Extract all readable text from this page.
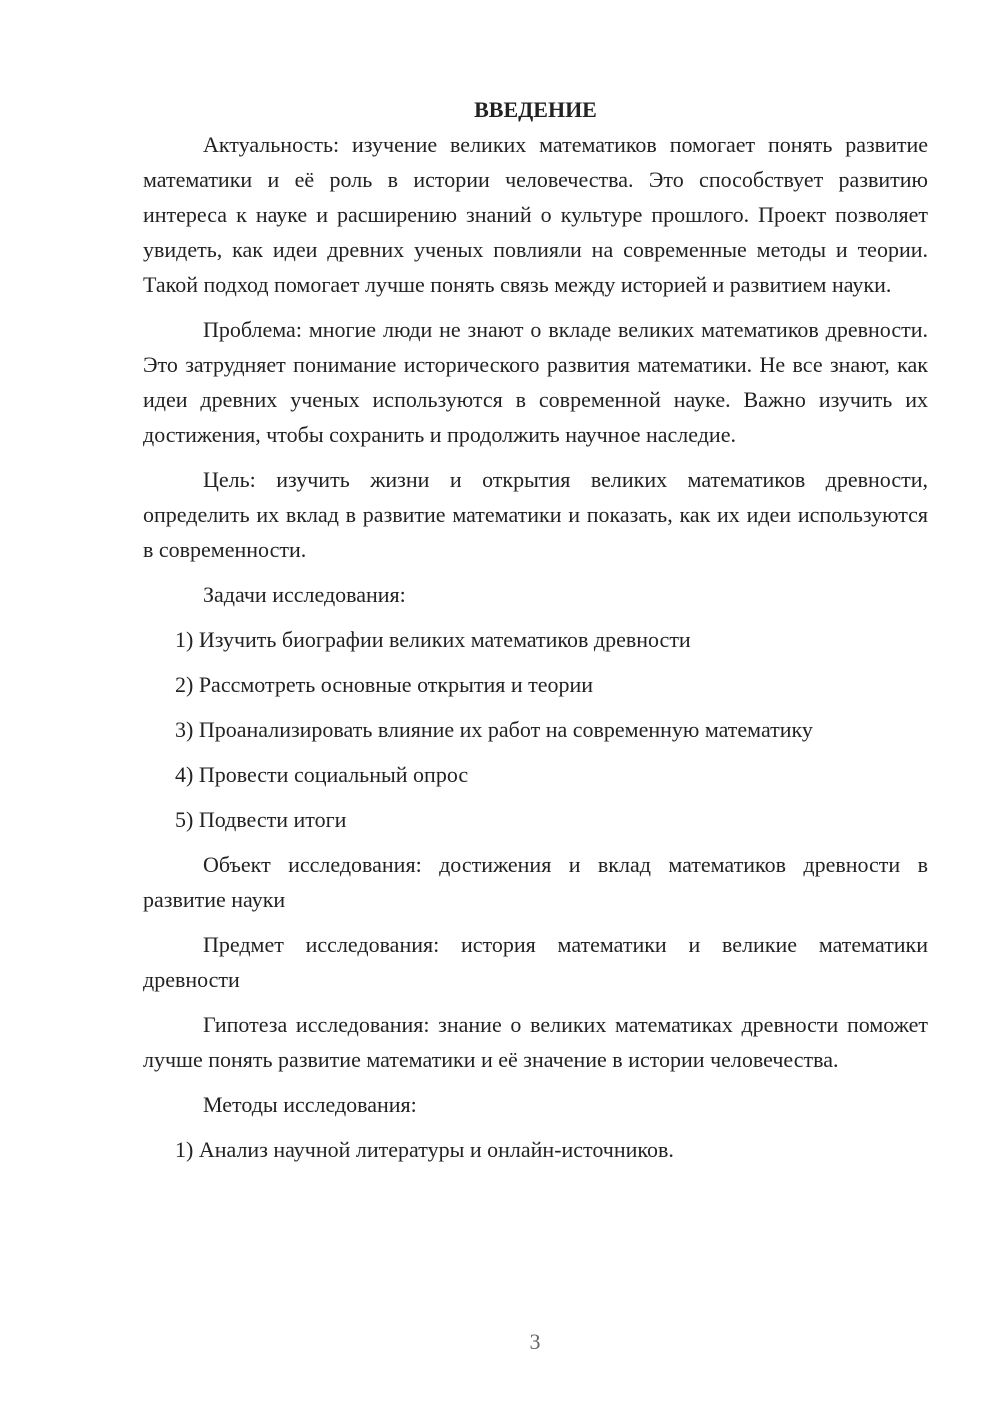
ВВЕДЕНИЕ

Актуальность: изучение великих математиков помогает понять развитие математики и её роль в истории человечества. Это способствует развитию интереса к науке и расширению знаний о культуре прошлого. Проект позволяет увидеть, как идеи древних ученых повлияли на современные методы и теории. Такой подход помогает лучше понять связь между историей и развитием науки.

Проблема: многие люди не знают о вкладе великих математиков древности. Это затрудняет понимание исторического развития математики. Не все знают, как идеи древних ученых используются в современной науке. Важно изучить их достижения, чтобы сохранить и продолжить научное наследие.

Цель: изучить жизни и открытия великих математиков древности, определить их вклад в развитие математики и показать, как их идеи используются в современности.

Задачи исследования:

1) Изучить биографии великих математиков древности
2) Рассмотреть основные открытия и теории
3) Проанализировать влияние их работ на современную математику
4) Провести социальный опрос
5) Подвести итоги

Объект исследования: достижения и вклад математиков древности в развитие науки

Предмет исследования: история математики и великие математики древности

Гипотеза исследования: знание о великих математиках древности поможет лучше понять развитие математики и её значение в истории человечества.

Методы исследования:

1) Анализ научной литературы и онлайн-источников.
3
